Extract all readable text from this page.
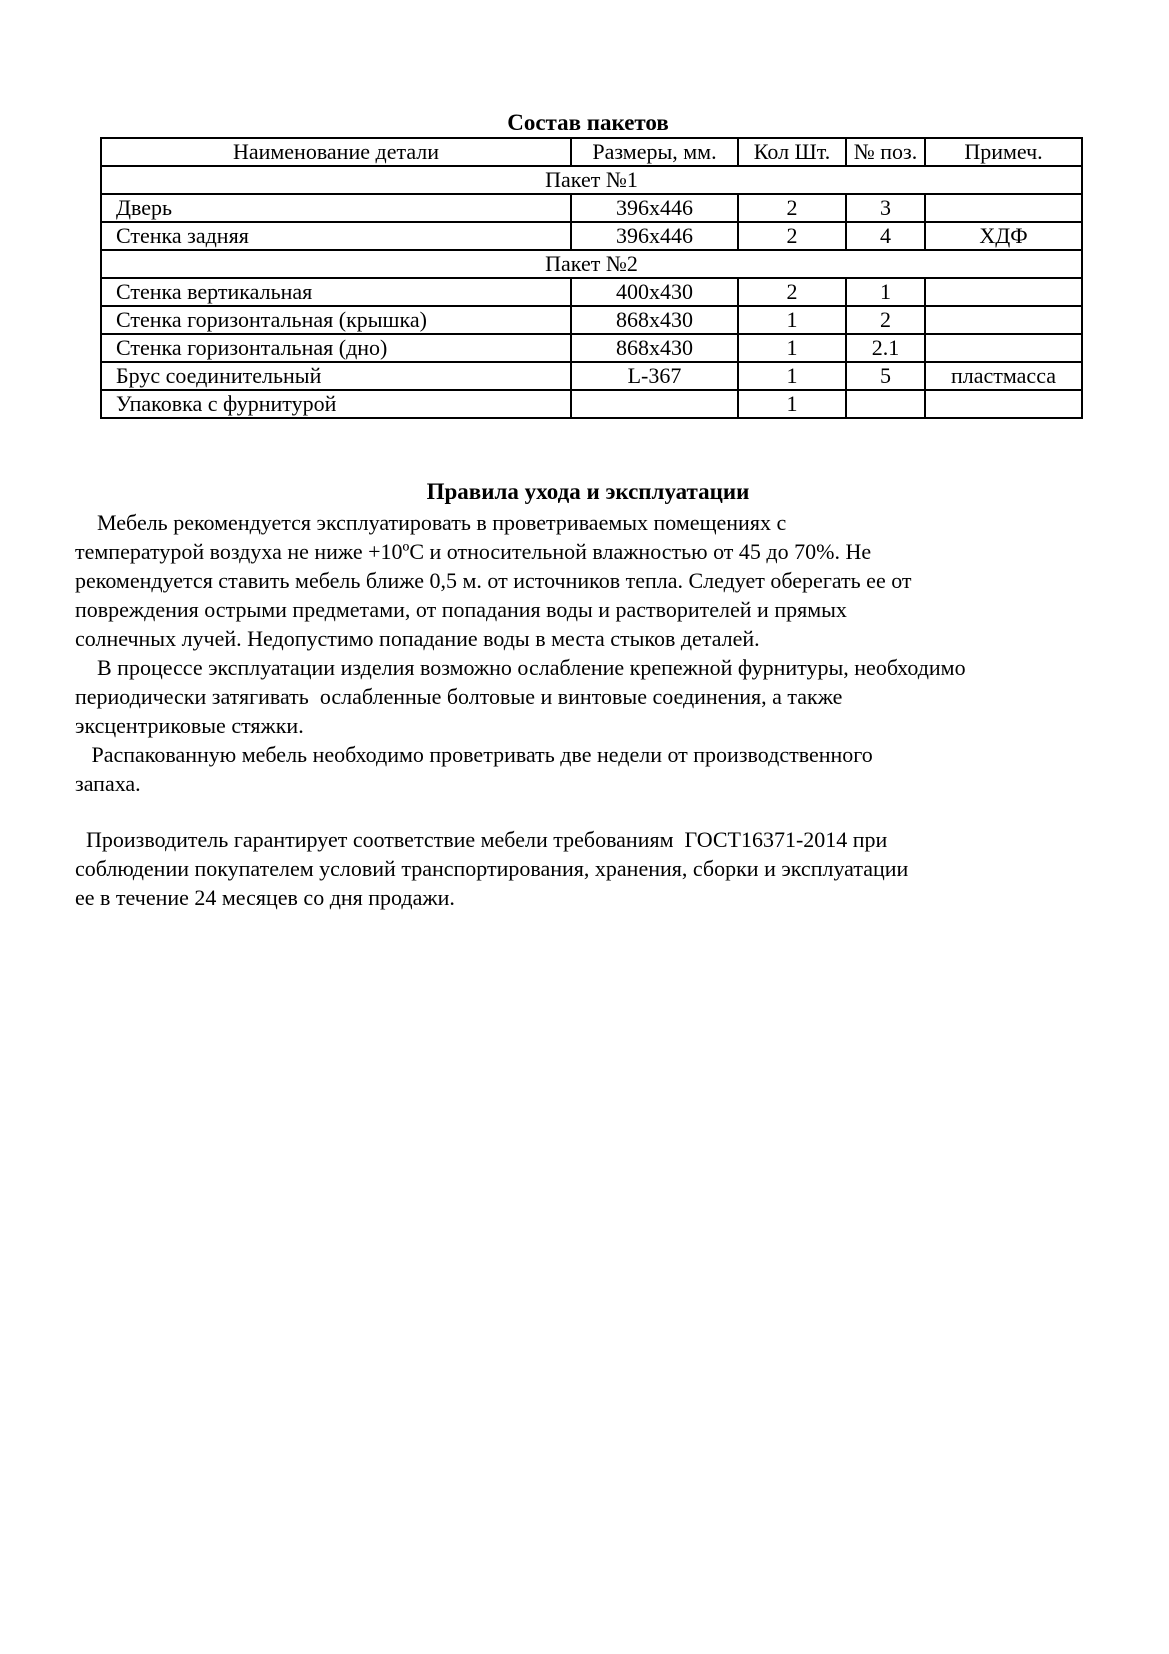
Состав пакетов
Наименование детали	Размеры, мм.	Кол Шт.	№ поз.	Примеч.
Пакет №1				
Дверь	396х446	2	3	
Стенка задняя	396х446	2	4	ХДФ
Пакет №2				
Стенка вертикальная	400х430	2	1	
Стенка горизонтальная (крышка)	868х430	1	2	
Стенка горизонтальная (дно)	868х430	1	2.1	
Брус соединительный	L-367	1	5	пластмасса
Упаковка с фурнитурой		1		
Правила ухода и эксплуатации

Мебель рекомендуется эксплуатировать в проветриваемых помещениях с

температурой воздуха не ниже +10ºС и относительной влажностью от 45 до 70%. Не

рекомендуется ставить мебель ближе 0,5 м. от источников тепла. Следует оберегать ее от

повреждения острыми предметами, от попадания воды и растворителей и прямых

солнечных лучей. Недопустимо попадание воды в места стыков деталей.

В процессе эксплуатации изделия возможно ослабление крепежной фурнитуры, необходимо

периодически затягивать  ослабленные болтовые и винтовые соединения, а также

эксцентриковые стяжки.

Распакованную мебель необходимо проветривать две недели от производственного

запаха.

Производитель гарантирует соответствие мебели требованиям  ГОСТ16371-2014 при

соблюдении покупателем условий транспортирования, хранения, сборки и эксплуатации

ее в течение 24 месяцев со дня продажи.
